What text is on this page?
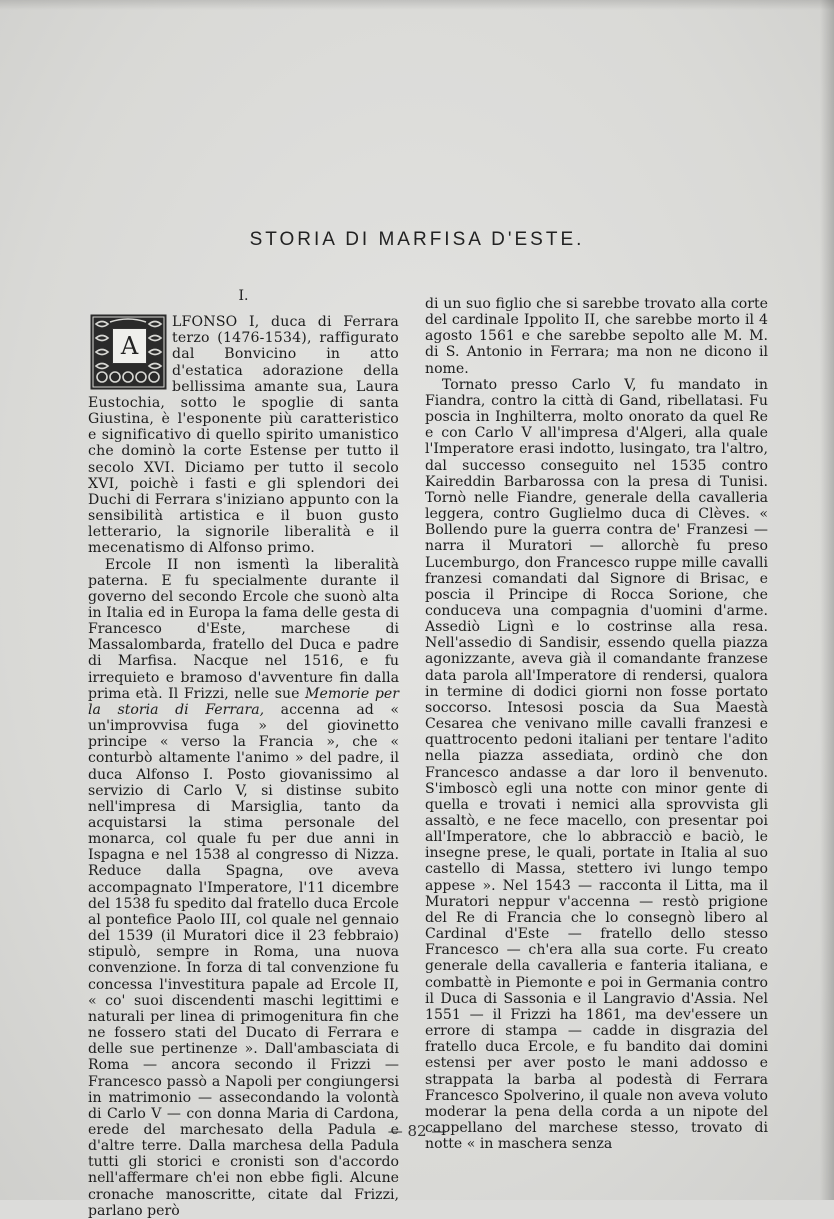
STORIA DI MARFISA D'ESTE.
I.

A
LFONSO I, duca di Ferrara terzo (1476-1534), raffigurato dal Bonvicino in atto d'estatica adorazione della bellissima amante sua, Laura Eustochia, sotto le spoglie di santa Giustina, è l'esponente più caratteristico e significativo di quello spirito umanistico che dominò la corte Estense per tutto il secolo XVI. Diciamo per tutto il secolo XVI, poichè i fasti e gli splendori dei Duchi di Ferrara s'iniziano appunto con la sensibilità artistica e il buon gusto letterario, la signorile liberalità e il mecenatismo di Alfonso primo.

Ercole II non ismentì la liberalità paterna. E fu specialmente durante il governo del secondo Ercole che suonò alta in Italia ed in Europa la fama delle gesta di Francesco d'Este, marchese di Massalombarda, fratello del Duca e padre di Marfisa. Nacque nel 1516, e fu irrequieto e bramoso d'avventure fin dalla prima età. Il Frizzi, nelle sue Memorie per la storia di Ferrara, accenna ad « un'improvvisa fuga » del giovinetto principe « verso la Francia », che « conturbò altamente l'animo » del padre, il duca Alfonso I. Posto giovanissimo al servizio di Carlo V, si distinse subito nell'impresa di Marsiglia, tanto da acquistarsi la stima personale del monarca, col quale fu per due anni in Ispagna e nel 1538 al congresso di Nizza. Reduce dalla Spagna, ove aveva accompagnato l'Imperatore, l'11 dicembre del 1538 fu spedito dal fratello duca Ercole al pontefice Paolo III, col quale nel gennaio del 1539 (il Muratori dice il 23 febbraio) stipulò, sempre in Roma, una nuova convenzione. In forza di tal convenzione fu concessa l'investitura papale ad Ercole II, « co' suoi discendenti maschi legittimi e naturali per linea di primogenitura fin che ne fossero stati del Ducato di Ferrara e delle sue pertinenze ». Dall'ambasciata di Roma — ancora secondo il Frizzi — Francesco passò a Napoli per congiungersi in matrimonio — assecondando la volontà di Carlo V — con donna Maria di Cardona, erede del marchesato della Padula e d'altre terre. Dalla marchesa della Padula tutti gli storici e cronisti son d'accordo nell'affermare ch'ei non ebbe figli. Alcune cronache manoscritte, citate dal Frizzi, parlano però

di un suo figlio che si sarebbe trovato alla corte del cardinale Ippolito II, che sarebbe morto il 4 agosto 1561 e che sarebbe sepolto alle M. M. di S. Antonio in Ferrara; ma non ne dicono il nome.

Tornato presso Carlo V, fu mandato in Fiandra, contro la città di Gand, ribellatasi. Fu poscia in Inghilterra, molto onorato da quel Re e con Carlo V all'impresa d'Algeri, alla quale l'Imperatore erasi indotto, lusingato, tra l'altro, dal successo conseguito nel 1535 contro Kaireddin Barbarossa con la presa di Tunisi. Tornò nelle Fiandre, generale della cavalleria leggera, contro Guglielmo duca di Clèves. « Bollendo pure la guerra contra de' Franzesi — narra il Muratori — allorchè fu preso Lucemburgo, don Francesco ruppe mille cavalli franzesi comandati dal Signore di Brisac, e poscia il Principe di Rocca Sorione, che conduceva una compagnia d'uomini d'arme. Assediò Lignì e lo costrinse alla resa. Nell'assedio di Sandisir, essendo quella piazza agonizzante, aveva già il comandante franzese data parola all'Imperatore di rendersi, qualora in termine di dodici giorni non fosse portato soccorso. Intesosi poscia da Sua Maestà Cesarea che venivano mille cavalli franzesi e quattrocento pedoni italiani per tentare l'adito nella piazza assediata, ordinò che don Francesco andasse a dar loro il benvenuto. S'imboscò egli una notte con minor gente di quella e trovati i nemici alla sprovvista gli assaltò, e ne fece macello, con presentar poi all'Imperatore, che lo abbracciò e baciò, le insegne prese, le quali, portate in Italia al suo castello di Massa, stettero ivi lungo tempo appese ». Nel 1543 — racconta il Litta, ma il Muratori neppur v'accenna — restò prigione del Re di Francia che lo consegnò libero al Cardinal d'Este — fratello dello stesso Francesco — ch'era alla sua corte. Fu creato generale della cavalleria e fanteria italiana, e combattè in Piemonte e poi in Germania contro il Duca di Sassonia e il Langravio d'Assia. Nel 1551 — il Frizzi ha 1861, ma dev'essere un errore di stampa — cadde in disgrazia del fratello duca Ercole, e fu bandito dai domini estensi per aver posto le mani addosso e strappata la barba al podestà di Ferrara Francesco Spolverino, il quale non aveva voluto moderar la pena della corda a un nipote del cappellano del marchese stesso, trovato di notte « in maschera senza

— 82 —
